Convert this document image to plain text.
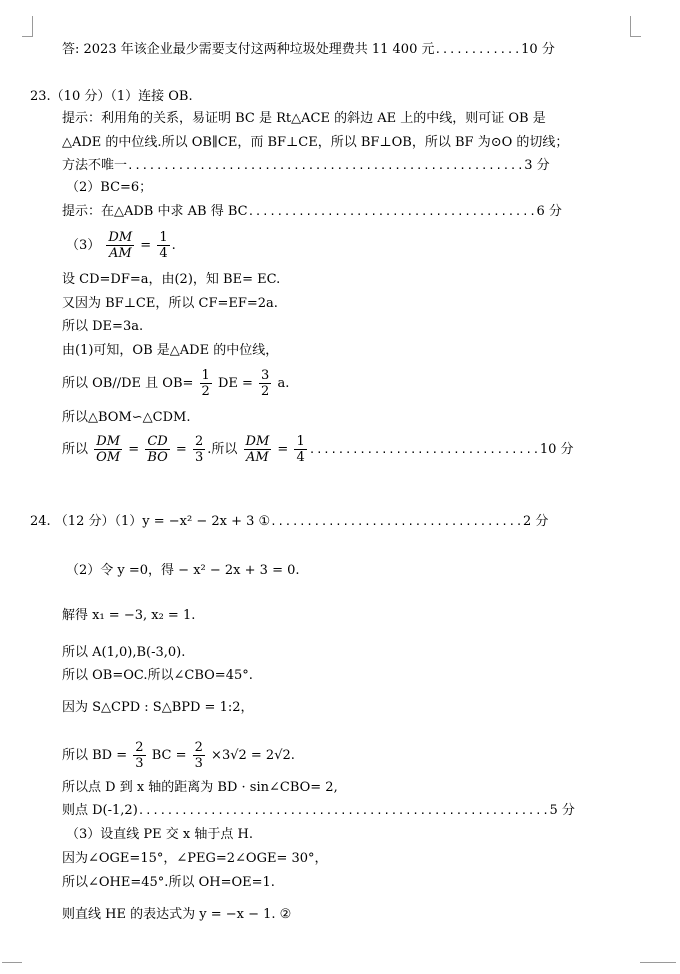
答: 2023 年该企业最少需要支付这两种垃圾处理费共 11 400 元............10 分
23.（10 分）（1）连接 OB.
提示：利用角的关系，易证明 BC 是 Rt△ACE 的斜边 AE 上的中线，则可证 OB 是
△ADE 的中位线.所以 OB∥CE，而 BF⊥CE，所以 BF⊥OB，所以 BF 为⊙O 的切线；
方法不唯一.......................................................3 分
（2）BC=6；
提示：在△ADB 中求 AB 得 BC........................................6 分
$(3) \frac{DM}{AM} = \frac{1}{4}$ .
设 CD=DF=a，由(2)，知 BE= EC.
又因为 BF⊥CE，所以 CF=EF=2a.
所以 DE=3a.
由(1)可知，OB 是△ADE 的中位线，
所以 OB//DE 且 $OB= \frac{1}{2}$ DE = $\frac{3}{2} a$.
所以△BOM∽△CDM.
所以 $\frac{DM}{OM} = \frac{CD}{BO} = \frac{2}{3}$ .所以 $\frac{DM}{AM} = \frac{1}{4} ................................10$ 分
24. （12 分）（1）y = −x² − 2x + 3 ①...................................2 分
（2）令 y =0，得 − x² − 2x + 3 = 0.
解得 x₁ = −3, x₂ = 1.
所以 A(1,0),B(-3,0).
所以 OB=OC.所以∠CBO=45°.
因为 S△CPD : S△BPD = 1:2，
所以 BD = $\frac{2}{3}$ BC = $\frac{2}{3} \times 3√2 = 2√2$.
所以点 D 到 x 轴的距离为 BD · sin∠CBO= 2,
则点 D(-1,2).........................................................5 分
（3）设直线 PE 交 x 轴于点 H.
因为∠OGE=15°，∠PEG=2∠OGE= 30°，
所以∠OHE=45°.所以 OH=OE=1.
则直线 HE 的表达式为 y = −x − 1. ②
